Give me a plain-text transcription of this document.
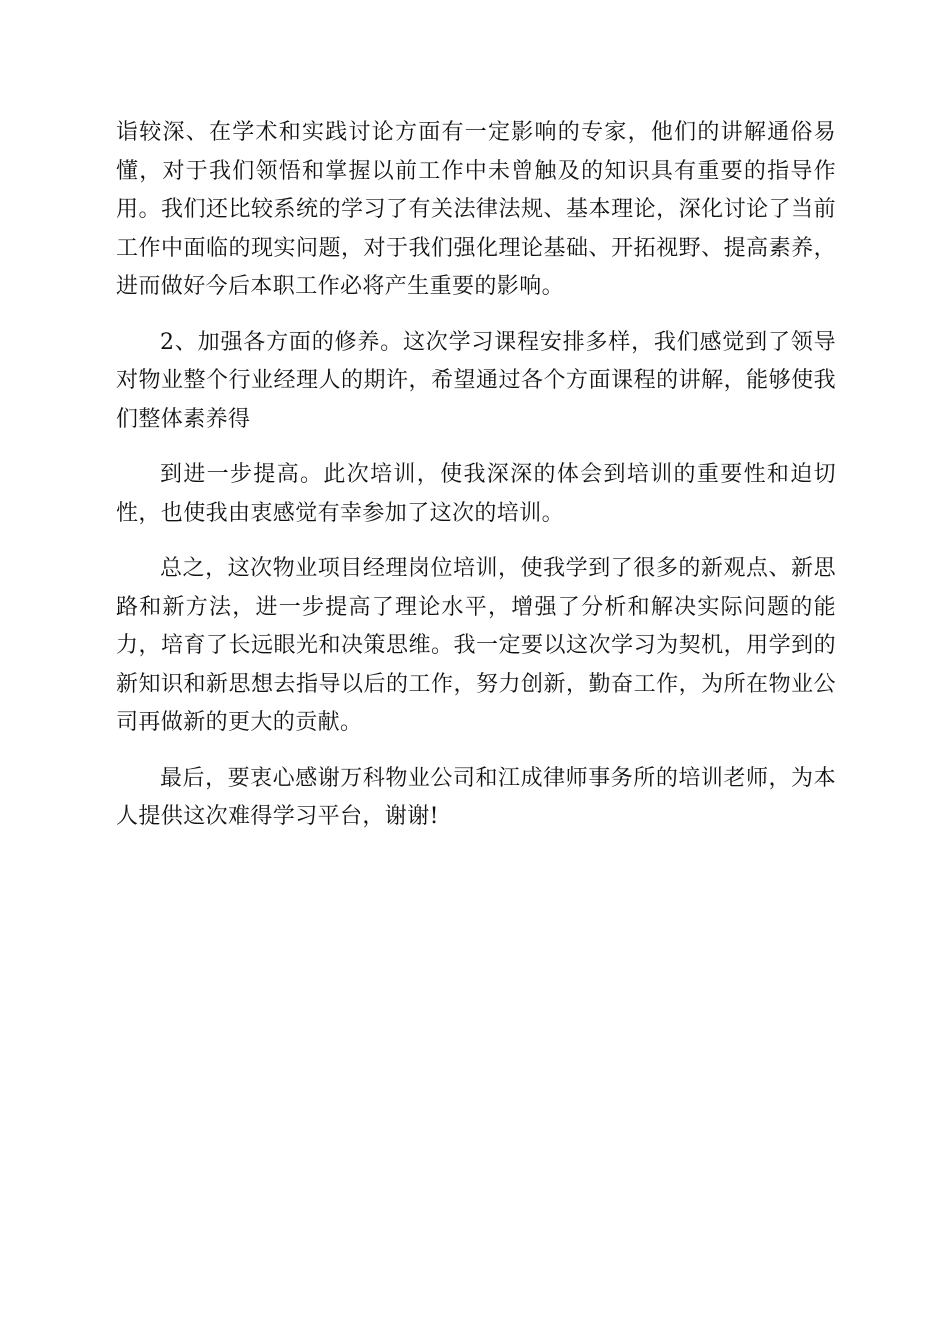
诣较深、在学术和实践讨论方面有一定影响的专家，他们的讲解通俗易懂，对于我们领悟和掌握以前工作中未曾触及的知识具有重要的指导作用。我们还比较系统的学习了有关法律法规、基本理论，深化讨论了当前工作中面临的现实问题，对于我们强化理论基础、开拓视野、提高素养，进而做好今后本职工作必将产生重要的影响。

2、加强各方面的修养。这次学习课程安排多样，我们感觉到了领导对物业整个行业经理人的期许，希望通过各个方面课程的讲解，能够使我们整体素养得

到进一步提高。此次培训，使我深深的体会到培训的重要性和迫切性，也使我由衷感觉有幸参加了这次的培训。

总之，这次物业项目经理岗位培训，使我学到了很多的新观点、新思路和新方法，进一步提高了理论水平，增强了分析和解决实际问题的能力，培育了长远眼光和决策思维。我一定要以这次学习为契机，用学到的新知识和新思想去指导以后的工作，努力创新，勤奋工作，为所在物业公司再做新的更大的贡献。

最后，要衷心感谢万科物业公司和江成律师事务所的培训老师，为本人提供这次难得学习平台，谢谢!
